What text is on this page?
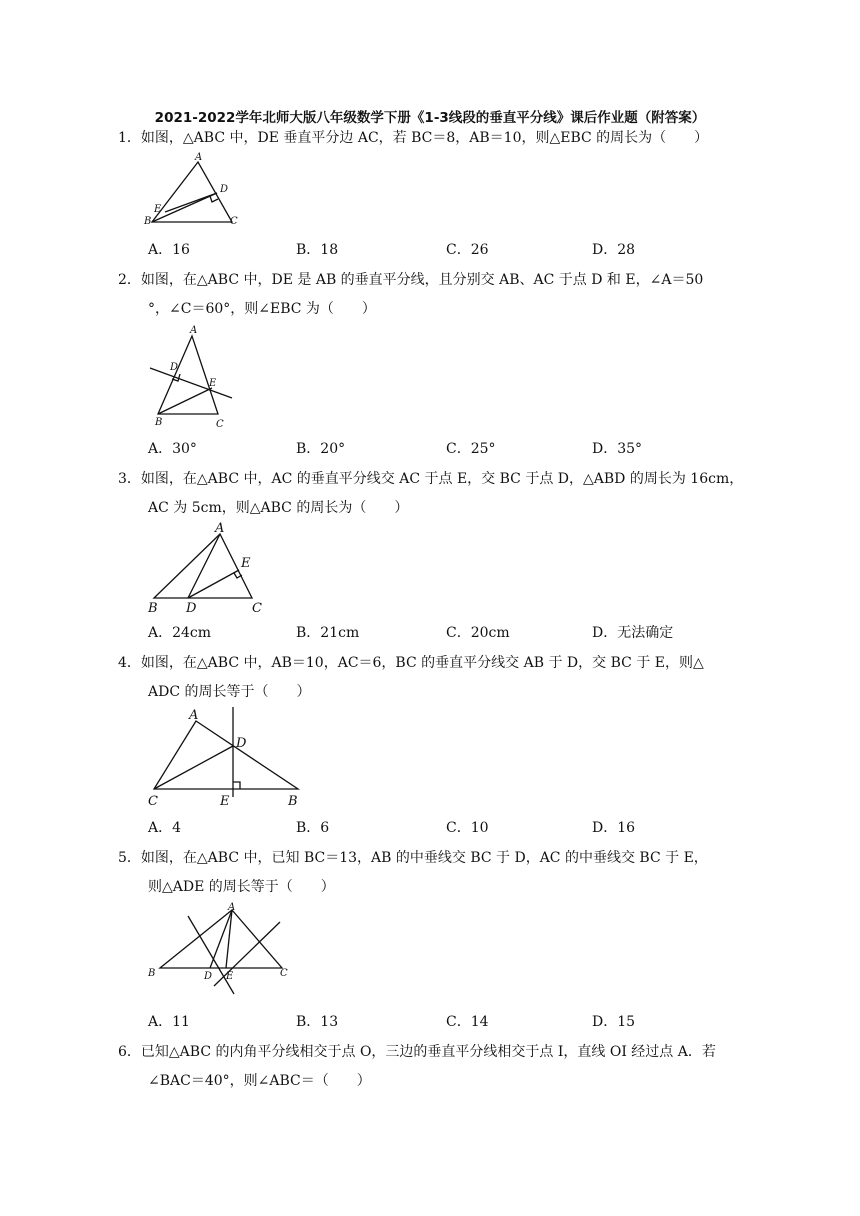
2021-2022学年北师大版八年级数学下册《1-3线段的垂直平分线》课后作业题（附答案）
1．如图，△ABC 中，DE 垂直平分边 AC，若 BC＝8，AB＝10，则△EBC 的周长为（　　）
A
D
E
B	C
A．16	B．18	C．26	D．28
2．如图，在△ABC 中，DE 是 AB 的垂直平分线，且分别交 AB、AC 于点 D 和 E，∠A＝50
°，∠C＝60°，则∠EBC 为（　　）
A
D
E
B	C
A．30°	B．20°	C．25°	D．35°
3．如图，在△ABC 中，AC 的垂直平分线交 AC 于点 E，交 BC 于点 D，△ABD 的周长为 16cm，
AC 为 5cm，则△ABC 的周长为（　　）
A
E
B D	C
A．24cm	B．21cm	C．20cm	D．无法确定
4．如图，在△ABC 中，AB＝10，AC＝6，BC 的垂直平分线交 AB 于 D，交 BC 于 E，则△
ADC 的周长等于（　　）
A
D
C	E	B
A．4	B．6	C．10	D．16
5．如图，在△ABC 中，已知 BC＝13，AB 的中垂线交 BC 于 D，AC 的中垂线交 BC 于 E，
则△ADE 的周长等于（　　）
A
B	D E	C
A．11	B．13	C．14	D．15
6．已知△ABC 的内角平分线相交于点 O，三边的垂直平分线相交于点 I，直线 OI 经过点 A．若
∠BAC＝40°，则∠ABC＝（　　）
